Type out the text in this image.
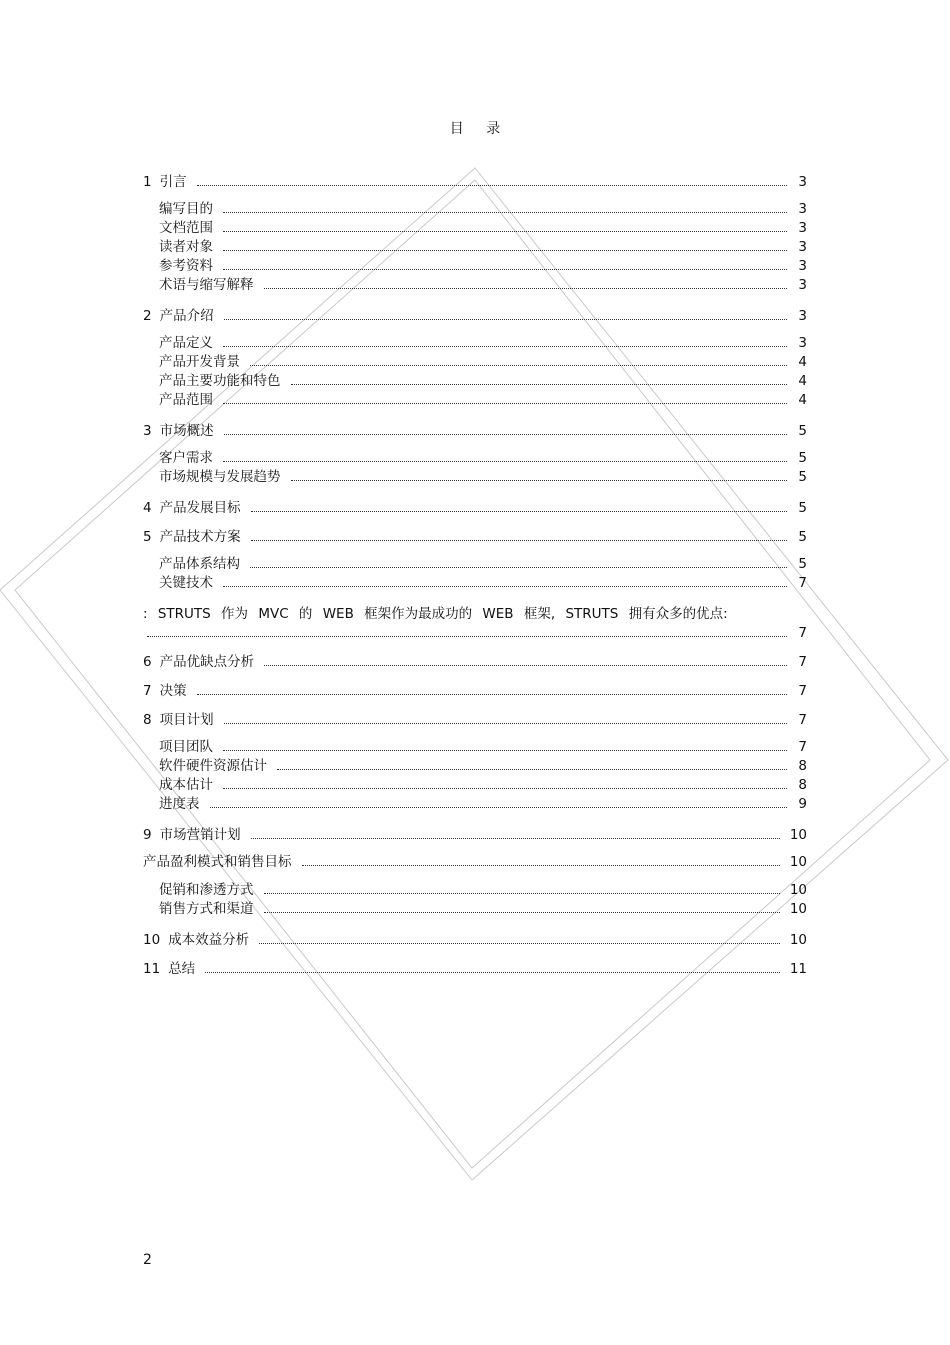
目 录
1 引言	3
编写目的	3
文档范围	3
读者对象	3
参考资料	3
术语与缩写解释	3
2 产品介绍	3
产品定义	3
产品开发背景	4
产品主要功能和特色	4
产品范围	4
3 市场概述	5
客户需求	5
市场规模与发展趋势	5
4 产品发展目标	5
5 产品技术方案	5
产品体系结构	5
关键技术	7
: STRUTS 作为 MVC 的 WEB 框架作为最成功的 WEB 框架, STRUTS 拥有众多的优点:
7
6 产品优缺点分析	7
7 决策	7
8 项目计划	7
项目团队	7
软件硬件资源估计	8
成本估计	8
进度表	9
9 市场营销计划	10
产品盈利模式和销售目标	10
促销和渗透方式	10
销售方式和渠道	10
10 成本效益分析	10
11 总结	11
2
